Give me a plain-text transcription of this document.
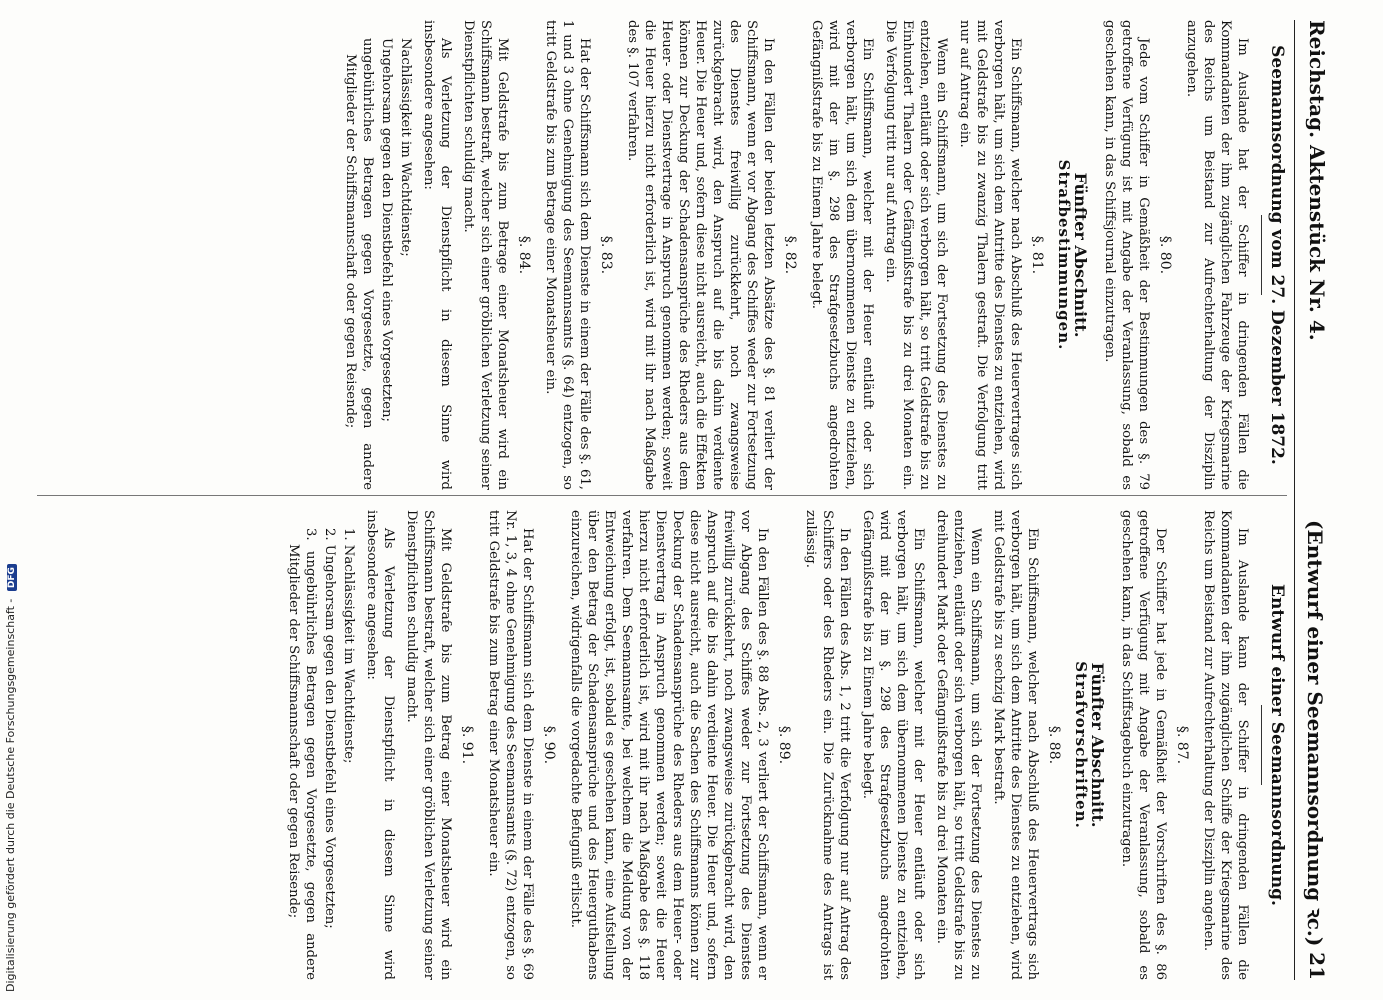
Reichstag. Aktenstück Nr. 4.
(Entwurf einer Seemannsordnung ꝛc.)
21
Seemannsordnung vom 27. Dezember 1872.

Im Auslande hat der Schiffer in dringenden Fällen die Kommandanten der ihm zugänglichen Fahrzeuge der Kriegsmarine des Reichs um Beistand zur Aufrechterhaltung der Disziplin anzugehen.

§. 80.

Jede vom Schiffer in Gemäßheit der Bestimmungen des §. 79 getroffene Verfügung ist mit Angabe der Veranlassung, sobald es geschehen kann, in das Schiffsjournal einzutragen.

Fünfter Abschnitt.
Strafbestimmungen.
§. 81.

Ein Schiffsmann, welcher nach Abschluß des Heuervertrages sich verborgen hält, um sich dem Antritte des Dienstes zu entziehen, wird mit Geldstrafe bis zu zwanzig Thalern gestraft. Die Verfolgung tritt nur auf Antrag ein.

Wenn ein Schiffsmann, um sich der Fortsetzung des Dienstes zu entziehen, entläuft oder sich verborgen hält, so tritt Geldstrafe bis zu Einhundert Thalern oder Gefängnißstrafe bis zu drei Monaten ein. Die Verfolgung tritt nur auf Antrag ein.

Ein Schiffsmann, welcher mit der Heuer entläuft oder sich verborgen hält, um sich dem übernommenen Dienste zu entziehen, wird mit der im §. 298 des Strafgesetzbuchs angedrohten Gefängnißstrafe bis zu Einem Jahre belegt.

§. 82.

In den Fällen der beiden letzten Absätze des §. 81 verliert der Schiffsmann, wenn er vor Abgang des Schiffes weder zur Fortsetzung des Dienstes freiwillig zurückkehrt, noch zwangsweise zurückgebracht wird, den Anspruch auf die bis dahin verdiente Heuer. Die Heuer und, sofern diese nicht ausreicht, auch die Effekten können zur Deckung der Schadensansprüche des Rheders aus dem Heuer- oder Dienstvertrage in Anspruch genommen werden; soweit die Heuer hierzu nicht erforderlich ist, wird mit ihr nach Maßgabe des §. 107 verfahren.

§. 83.

Hat der Schiffsmann sich dem Dienste in einem der Fälle des §. 61, 1 und 3 ohne Genehmigung des Seemannsamts (§. 64) entzogen, so tritt Geldstrafe bis zum Betrage einer Monatsheuer ein.

§. 84.

Mit Geldstrafe bis zum Betrage einer Monatsheuer wird ein Schiffsmann bestraft, welcher sich einer gröblichen Verletzung seiner Dienstpflichten schuldig macht.

Als Verletzung der Dienstpflicht in diesem Sinne wird insbesondere angesehen:

Nachlässigkeit im Wachtdienste;
Ungehorsam gegen den Dienstbefehl eines Vorgesetzten;
ungebührliches Betragen gegen Vorgesetzte, gegen andere Mitglieder der Schiffsmannschaft oder gegen Reisende;
Entwurf einer Seemannsordnung.

Im Auslande kann der Schiffer in dringenden Fällen die Kommandanten der ihm zugänglichen Schiffe der Kriegsmarine des Reichs um Beistand zur Aufrechterhaltung der Disziplin angehen.

§. 87.

Der Schiffer hat jede in Gemäßheit der Vorschriften des §. 86 getroffene Verfügung mit Angabe der Veranlassung, sobald es geschehen kann, in das Schiffstagebuch einzutragen.

Fünfter Abschnitt.
Strafvorschriften.
§. 88.

Ein Schiffsmann, welcher nach Abschluß des Heuervertrags sich verborgen hält, um sich dem Antritte des Dienstes zu entziehen, wird mit Geldstrafe bis zu sechzig Mark bestraft.

Wenn ein Schiffsmann, um sich der Fortsetzung des Dienstes zu entziehen, entläuft oder sich verborgen hält, so tritt Geldstrafe bis zu dreihundert Mark oder Gefängnißstrafe bis zu drei Monaten ein.

Ein Schiffsmann, welcher mit der Heuer entläuft oder sich verborgen hält, um sich dem übernommenen Dienste zu entziehen, wird mit der im §. 298 des Strafgesetzbuchs angedrohten Gefängnißstrafe bis zu Einem Jahre belegt.

In den Fällen des Abs. 1, 2 tritt die Verfolgung nur auf Antrag des Schiffers oder des Rheders ein. Die Zurücknahme des Antrags ist zulässig.

§. 89.

In den Fällen des §. 88 Abs. 2, 3 verliert der Schiffsmann, wenn er vor Abgang des Schiffes weder zur Fortsetzung des Dienstes freiwillig zurückkehrt, noch zwangsweise zurückgebracht wird, den Anspruch auf die bis dahin verdiente Heuer. Die Heuer und, sofern diese nicht ausreicht, auch die Sachen des Schiffsmanns können zur Deckung der Schadensansprüche des Rheders aus dem Heuer- oder Dienstvertrag in Anspruch genommen werden; soweit die Heuer hierzu nicht erforderlich ist, wird mit ihr nach Maßgabe des §. 118 verfahren. Dem Seemannsamte, bei welchem die Meldung von der Entweichung erfolgt, ist, sobald es geschehen kann, eine Aufstellung über den Betrag der Schadensansprüche und des Heuerguthabens einzureichen, widrigenfalls die vorgedachte Befugniß erlischt.

§. 90.

Hat der Schiffsmann sich dem Dienste in einem der Fälle des §. 69 Nr. 1, 3, 4 ohne Genehmigung des Seemannsamts (§. 72) entzogen, so tritt Geldstrafe bis zum Betrag einer Monatsheuer ein.

§. 91.

Mit Geldstrafe bis zum Betrag einer Monatsheuer wird ein Schiffsmann bestraft, welcher sich einer gröblichen Verletzung seiner Dienstpflichten schuldig macht.

Als Verletzung der Dienstpflicht in diesem Sinne wird insbesondere angesehen:

1. Nachlässigkeit im Wachtdienste;
2. Ungehorsam gegen den Dienstbefehl eines Vorgesetzten;
3. ungebührliches Betragen gegen Vorgesetzte, gegen andere Mitglieder der Schiffsmannschaft oder gegen Reisende;
Digitalisierung gefördert durch die Deutsche Forschungsgemeinschaft - DFG
